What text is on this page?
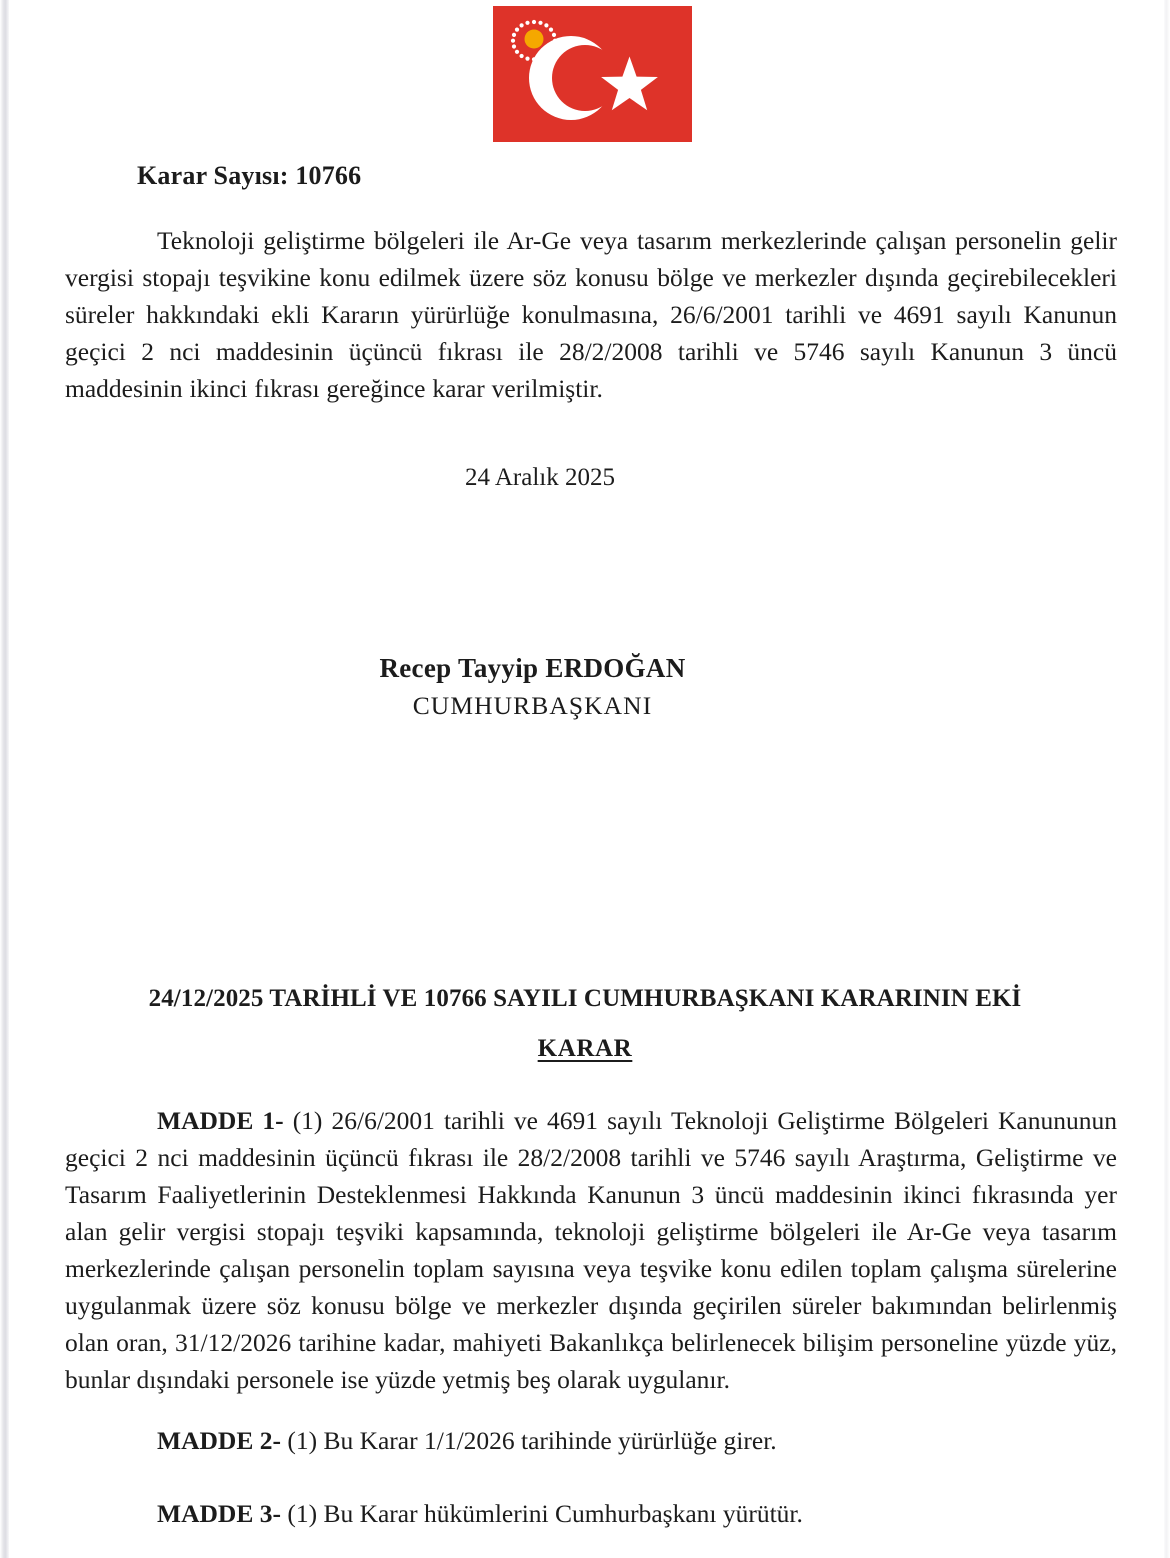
Karar Sayısı: 10766
Teknoloji geliştirme bölgeleri ile Ar-Ge veya tasarım merkezlerinde çalışan personelin gelir vergisi stopajı teşvikine konu edilmek üzere söz konusu bölge ve merkezler dışında geçirebilecekleri süreler hakkındaki ekli Kararın yürürlüğe konulmasına, 26/6/2001 tarihli ve 4691 sayılı Kanunun geçici 2 nci maddesinin üçüncü fıkrası ile 28/2/2008 tarihli ve 5746 sayılı Kanunun 3 üncü maddesinin ikinci fıkrası gereğince karar verilmiştir.
24 Aralık 2025
Recep Tayyip ERDOĞAN
CUMHURBAŞKANI
24/12/2025 TARİHLİ VE 10766 SAYILI CUMHURBAŞKANI KARARININ EKİ
KARAR
MADDE 1- (1) 26/6/2001 tarihli ve 4691 sayılı Teknoloji Geliştirme Bölgeleri Kanununun geçici 2 nci maddesinin üçüncü fıkrası ile 28/2/2008 tarihli ve 5746 sayılı Araştırma, Geliştirme ve Tasarım Faaliyetlerinin Desteklenmesi Hakkında Kanunun 3 üncü maddesinin ikinci fıkrasında yer alan gelir vergisi stopajı teşviki kapsamında, teknoloji geliştirme bölgeleri ile Ar-Ge veya tasarım merkezlerinde çalışan personelin toplam sayısına veya teşvike konu edilen toplam çalışma sürelerine uygulanmak üzere söz konusu bölge ve merkezler dışında geçirilen süreler bakımından belirlenmiş olan oran, 31/12/2026 tarihine kadar, mahiyeti Bakanlıkça belirlenecek bilişim personeline yüzde yüz, bunlar dışındaki personele ise yüzde yetmiş beş olarak uygulanır.
MADDE 2- (1) Bu Karar 1/1/2026 tarihinde yürürlüğe girer.
MADDE 3- (1) Bu Karar hükümlerini Cumhurbaşkanı yürütür.
